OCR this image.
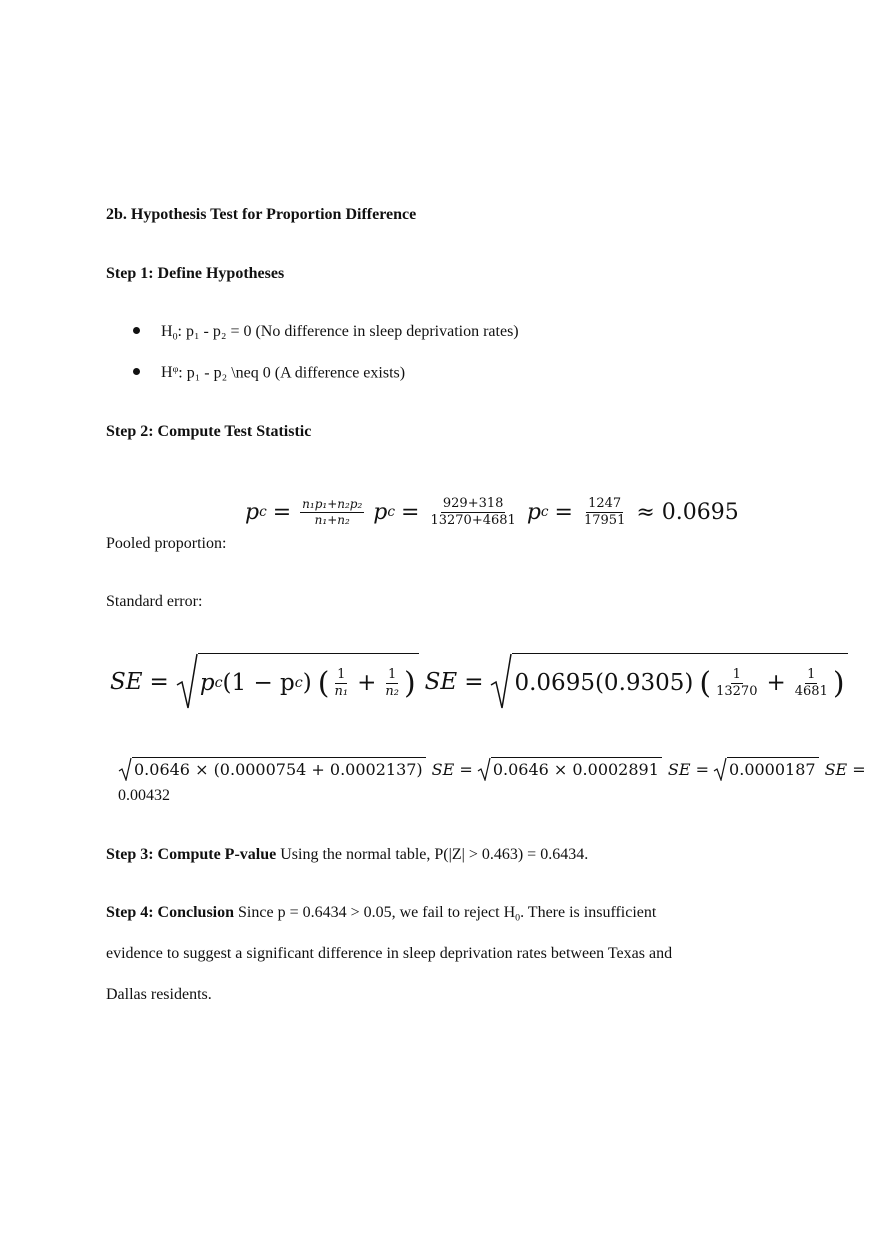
2b. Hypothesis Test for Proportion Difference
Step 1: Define Hypotheses
$H_0$: p₁ - p₂ = 0 (No difference in sleep deprivation rates)
$H^\varphi$: p₁ - p₂ \neq 0 (A difference exists)
Step 2: Compute Test Statistic
p $c = \frac{\text{n₁p₁+n₂p₂}}{\text{n₁+n₂}}$ p $c = \frac{929+318}{13270+4681}$ p $c = \frac{1247}{17951} \approx 0.0695$
Pooled proportion:
Standard error:
SE = p c (1 − p c ) ( $\frac{1}{\text{n₁}} + \frac{1}{\text{n₂}}$ ) SE = 0.0695(0.9305) ( $\frac{1}{13270} + \frac{1}{4681}$ )
0.0646 × (0.0000754 + 0.0002137) SE = 0.0646 × 0.0002891 SE = 0.0000187 SE =
0.00432
Step 3: Compute P-value Using the normal table, P(|Z| > 0.463) = 0.6434.
Step 4: Conclusion Since p = 0.6434 > 0.05, we fail to reject $H_0$. There is insufficient
evidence to suggest a significant difference in sleep deprivation rates between Texas and
Dallas residents.
